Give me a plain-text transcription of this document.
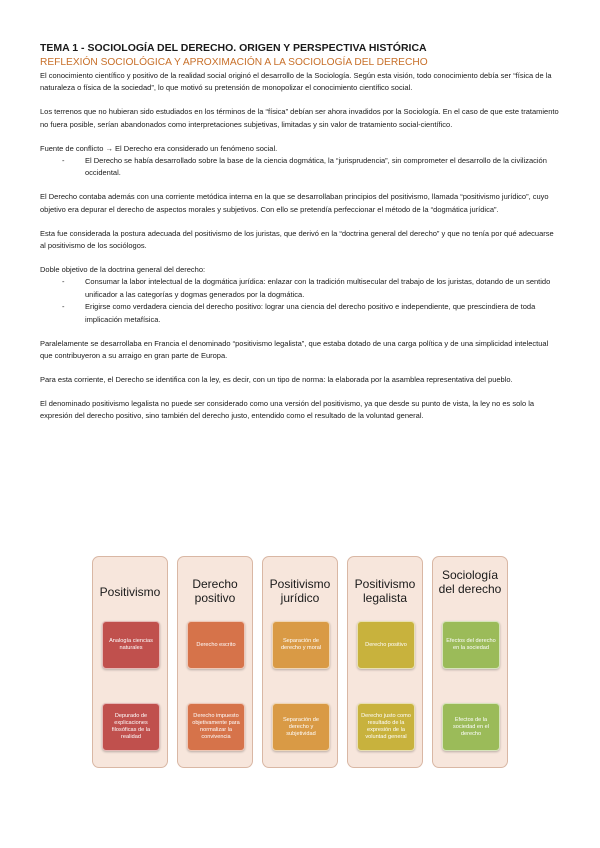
TEMA 1 - SOCIOLOGÍA DEL DERECHO. ORIGEN Y PERSPECTIVA HISTÓRICA
REFLEXIÓN SOCIOLÓGICA Y APROXIMACIÓN A LA SOCIOLOGÍA DEL DERECHO

El conocimiento científico y positivo de la realidad social originó el desarrollo de la Sociología. Según esta visión, todo conocimiento debía ser “física de la naturaleza o física de la sociedad”, lo que motivó su pretensión de monopolizar el conocimiento científico social.

Los terrenos que no hubieran sido estudiados en los términos de la “física” debían ser ahora invadidos por la Sociología. En el caso de que este tratamiento no fuera posible, serían abandonados como interpretaciones subjetivas, limitadas y sin valor de tratamiento social-científico.

Fuente de conflicto → El Derecho era considerado un fenómeno social.

-	El Derecho se había desarrollado sobre la base de la ciencia dogmática, la “jurisprudencia”, sin comprometer el desarrollo de la civilización occidental.

El Derecho contaba además con una corriente metódica interna en la que se desarrollaban principios del positivismo, llamada “positivismo jurídico”, cuyo objetivo era depurar el derecho de aspectos morales y subjetivos. Con ello se pretendía perfeccionar el método de la “dogmática jurídica”.

Esta fue considerada la postura adecuada del positivismo de los juristas, que derivó en la “doctrina general del derecho” y que no tenía por qué adecuarse al positivismo de los sociólogos.

Doble objetivo de la doctrina general del derecho:

-	Consumar la labor intelectual de la dogmática jurídica: enlazar con la tradición multisecular del trabajo de los juristas, dotando de un sentido unificador a las categorías y dogmas generados por la dogmática.
-	Erigirse como verdadera ciencia del derecho positivo: lograr una ciencia del derecho positivo e independiente, que prescindiera de toda implicación metafísica.

Paralelamente se desarrollaba en Francia el denominado “positivismo legalista”, que estaba dotado de una carga política y de una simplicidad intelectual que contribuyeron a su arraigo en gran parte de Europa.

Para esta corriente, el Derecho se identifica con la ley, es decir, con un tipo de norma: la elaborada por la asamblea representativa del pueblo.

El denominado positivismo legalista no puede ser considerado como una versión del positivismo, ya que desde su punto de vista, la ley no es solo la expresión del derecho positivo, sino también del derecho justo, entendido como el resultado de la voluntad general.

Positivismo
Analogía ciencias naturales
Depurado de explicaciones filosóficas de la realidad
Derecho positivo
Derecho escrito
Derecho impuesto objetivamente para normalizar la convivencia
Positivismo jurídico
Separación de derecho y moral
Separación de derecho y subjetividad
Positivismo legalista
Derecho positivo
Derecho justo como resultado de la expresión de la voluntad general
Sociología del derecho
Efectos del derecho en la sociedad
Efectos de la sociedad en el derecho
